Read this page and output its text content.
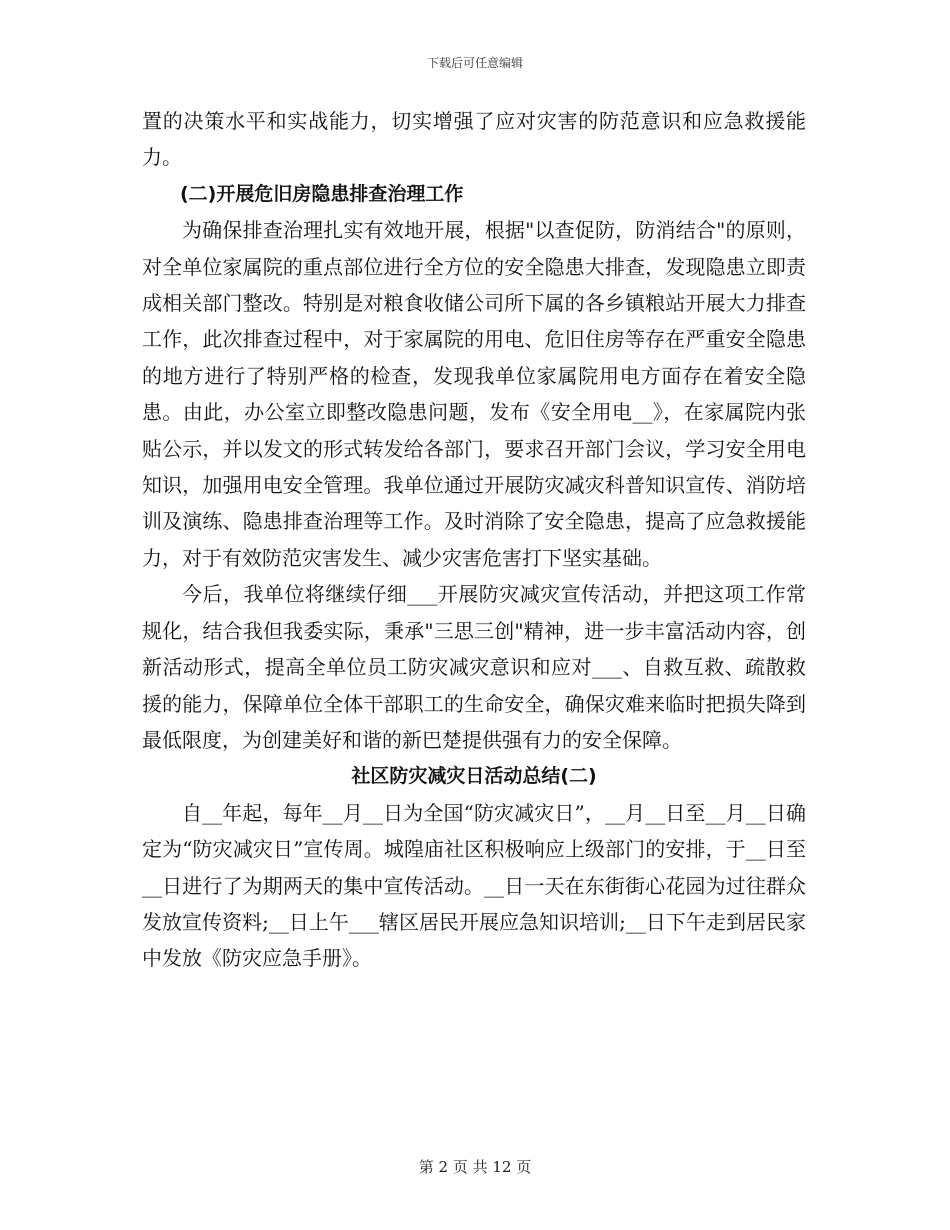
下载后可任意编辑

置的决策水平和实战能力，切实增强了应对灾害的防范意识和应急救援能力。

(二)开展危旧房隐患排查治理工作

为确保排查治理扎实有效地开展，根据"以查促防，防消结合"的原则，对全单位家属院的重点部位进行全方位的安全隐患大排查，发现隐患立即责成相关部门整改。特别是对粮食收储公司所下属的各乡镇粮站开展大力排查工作，此次排查过程中，对于家属院的用电、危旧住房等存在严重安全隐患的地方进行了特别严格的检查，发现我单位家属院用电方面存在着安全隐患。由此，办公室立即整改隐患问题，发布《安全用电__》，在家属院内张贴公示，并以发文的形式转发给各部门，要求召开部门会议，学习安全用电知识，加强用电安全管理。我单位通过开展防灾减灾科普知识宣传、消防培训及演练、隐患排查治理等工作。及时消除了安全隐患，提高了应急救援能力，对于有效防范灾害发生、减少灾害危害打下坚实基础。

今后，我单位将继续仔细___开展防灾减灾宣传活动，并把这项工作常规化，结合我但我委实际，秉承"三思三创"精神，进一步丰富活动内容，创新活动形式，提高全单位员工防灾减灾意识和应对___、自救互救、疏散救援的能力，保障单位全体干部职工的生命安全，确保灾难来临时把损失降到最低限度，为创建美好和谐的新巴楚提供强有力的安全保障。

社区防灾减灾日活动总结(二)

自__年起，每年__月__日为全国“防灾减灾日”，__月__日至__月__日确定为“防灾减灾日”宣传周。城隍庙社区积极响应上级部门的安排，于__日至__日进行了为期两天的集中宣传活动。__日一天在东街街心花园为过往群众发放宣传资料;__日上午___辖区居民开展应急知识培训;__日下午走到居民家中发放《防灾应急手册》。

第 2 页 共 12 页
